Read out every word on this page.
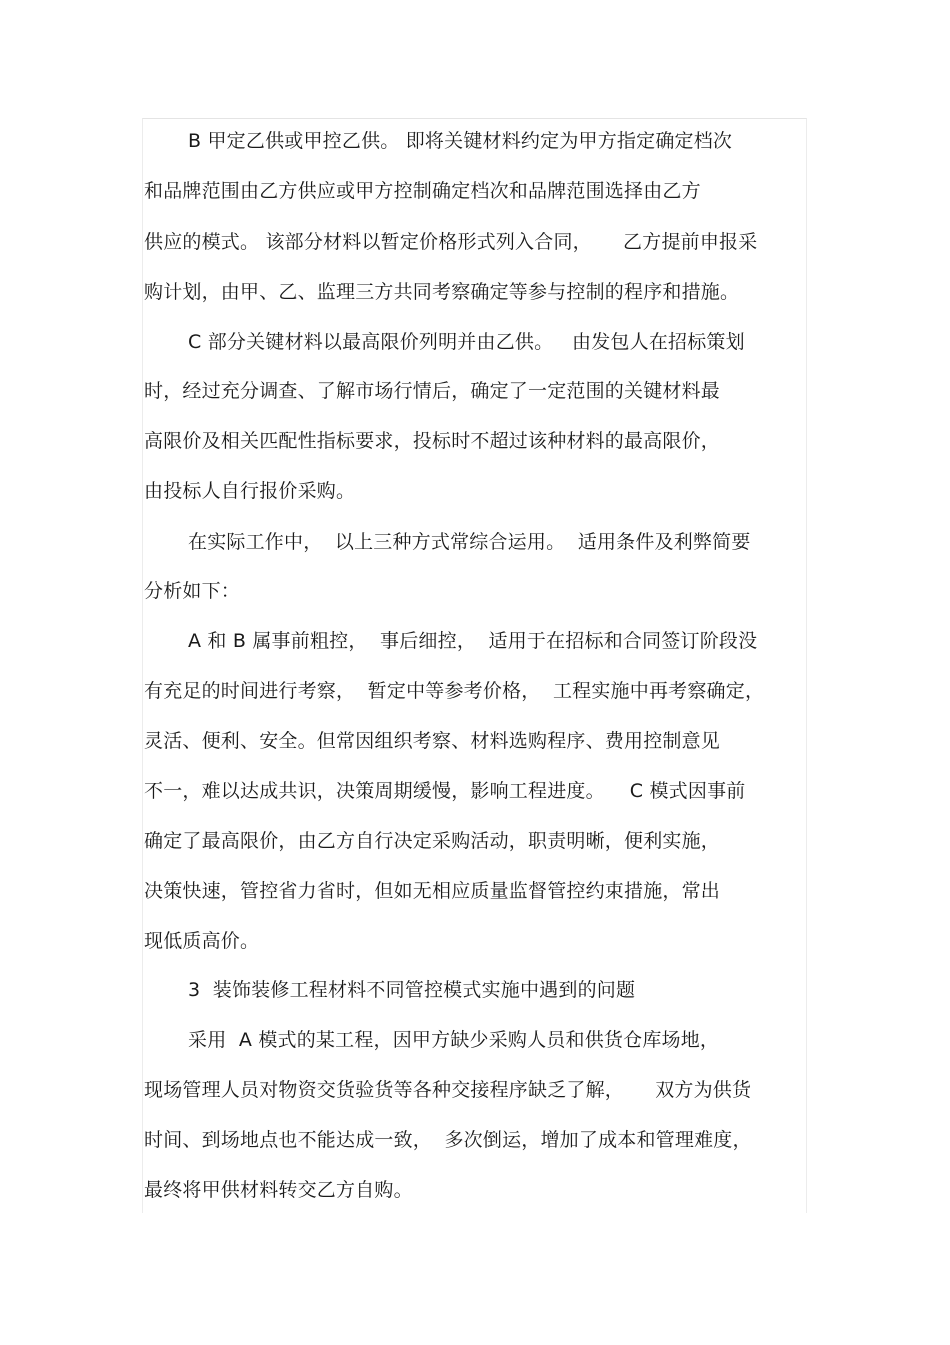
B 甲定乙供或甲控乙供。 即将关键材料约定为甲方指定确定档次
和品牌范围由乙方供应或甲方控制确定档次和品牌范围选择由乙方
供应的模式。 该部分材料以暂定价格形式列入合同，     乙方提前申报采
购计划，由甲、乙、监理三方共同考察确定等参与控制的程序和措施。
C 部分关键材料以最高限价列明并由乙供。   由发包人在招标策划
时，经过充分调查、了解市场行情后，确定了一定范围的关键材料最
高限价及相关匹配性指标要求，投标时不超过该种材料的最高限价，
由投标人自行报价采购。
在实际工作中，  以上三种方式常综合运用。  适用条件及利弊简要
分析如下：
A 和 B 属事前粗控，  事后细控，  适用于在招标和合同签订阶段没
有充足的时间进行考察，  暂定中等参考价格，  工程实施中再考察确定，
灵活、便利、安全。但常因组织考察、材料选购程序、费用控制意见
不一，难以达成共识，决策周期缓慢，影响工程进度。    C 模式因事前
确定了最高限价，由乙方自行决定采购活动，职责明晰，便利实施，
决策快速，管控省力省时，但如无相应质量监督管控约束措施，常出
现低质高价。
3  装饰装修工程材料不同管控模式实施中遇到的问题
采用  A 模式的某工程，因甲方缺少采购人员和供货仓库场地，
现场管理人员对物资交货验货等各种交接程序缺乏了解，     双方为供货
时间、到场地点也不能达成一致，  多次倒运，增加了成本和管理难度，
最终将甲供材料转交乙方自购。
